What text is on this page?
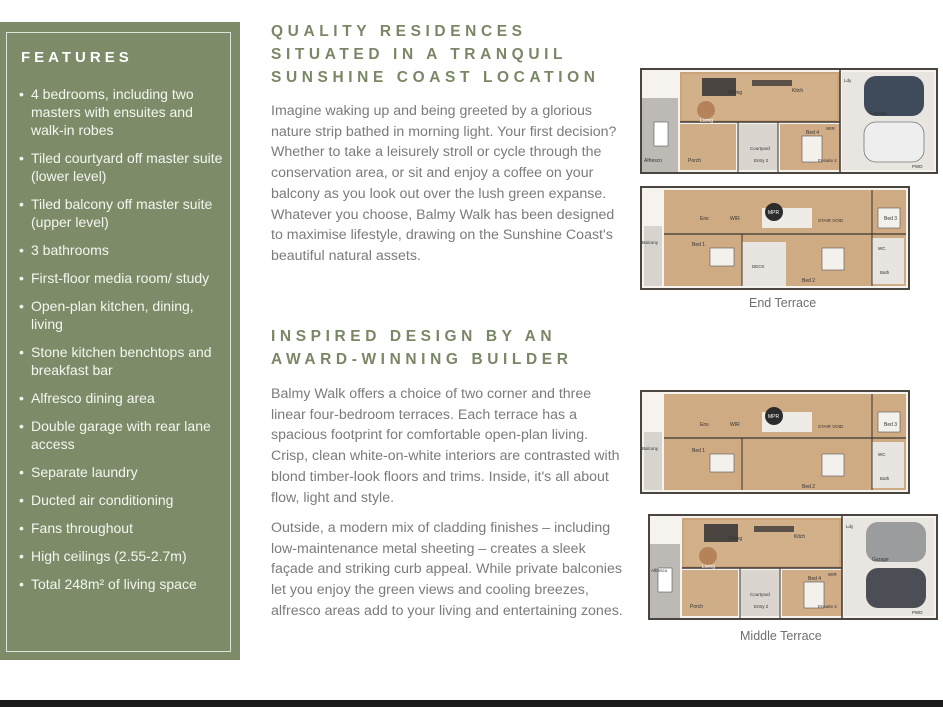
FEATURES
• 4 bedrooms, including two masters with ensuites and walk-in robes
• Tiled courtyard off master suite (lower level)
• Tiled balcony off master suite (upper level)
• 3 bathrooms
• First-floor media room/ study
• Open-plan kitchen, dining, living
• Stone kitchen benchtops and breakfast bar
• Alfresco dining area
• Double garage with rear lane access
• Separate laundry
• Ducted air conditioning
• Fans throughout
• High ceilings (2.55-2.7m)
• Total 248m² of living space
QUALITY RESIDENCES
SITUATED IN A TRANQUIL
SUNSHINE COAST LOCATION

Imagine waking up and being greeted by a glorious nature strip bathed in morning light. Your first decision? Whether to take a leisurely stroll or cycle through the conservation area, or sit and enjoy a coffee on your balcony as you look out over the lush green expanse. Whatever you choose, Balmy Walk has been designed to maximise lifestyle, drawing on the Sunshine Coast's beautiful natural assets.

INSPIRED DESIGN BY AN
AWARD-WINNING BUILDER

Balmy Walk offers a choice of two corner and three linear four-bedroom terraces. Each terrace has a spacious footprint for comfortable open-plan living. Crisp, clean white-on-white interiors are contrasted with blond timber-look floors and trims. Inside, it's all about flow, light and style.

Outside, a modern mix of cladding finishes – including low-maintenance metal sheeting – creates a sleek façade and striking curb appeal. While private balconies let you enjoy the green views and cooling breezes, alfresco areas add to your living and entertaining zones.

Dining	Kitch
Living
Garage
Alfresco	Porch
Courtyard
Entry 2
Bed 4
WIR
Ensuite 2
Ldy
PWD
Ens	WIR
MPR
STAIR VOID	Bed 3
Balcony	Bed 1
DECK
Bed 2
WC
Bath
End Terrace
Ens	WIR
MPR
STAIR VOID	Bed 3
Balcony	Bed 1
Bed 2
WC
Bath
Dining	Kitch
Living
Garage
Alfresco
Porch
Courtyard
Entry 2
Bed 4
WIR
Ensuite 2
Ldy
PWD
Middle Terrace
